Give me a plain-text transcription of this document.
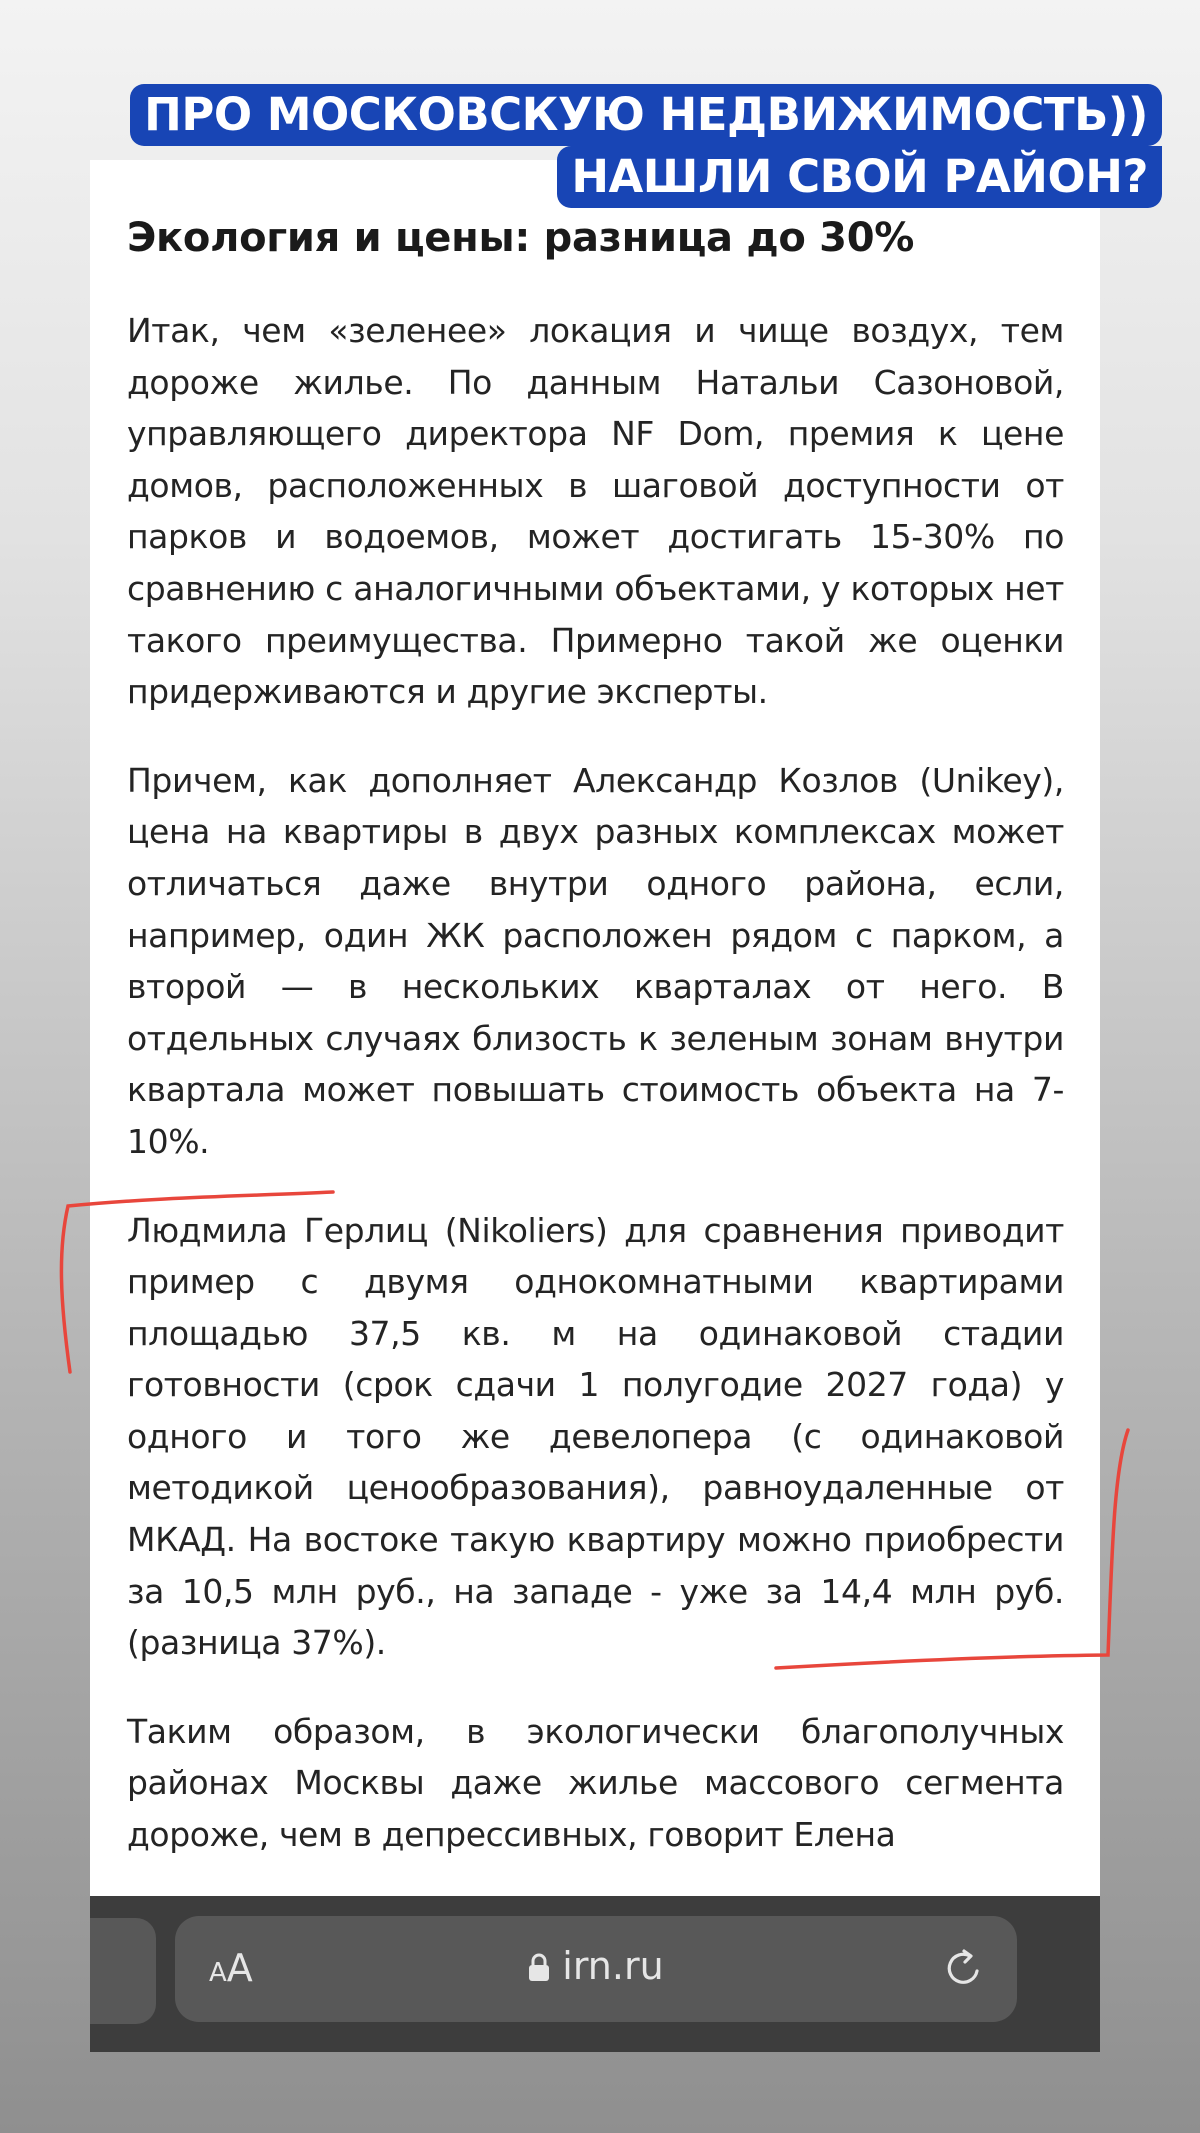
Экология и цены: разница до 30%

Итак, чем «зеленее» локация и чище воздух, тем дороже жилье. По данным Натальи Сазоновой, управляющего директора NF Dom, премия к цене домов, расположенных в шаговой доступности от парков и водоемов, может достигать 15-30% по сравнению с аналогичными объектами, у которых нет такого преимущества. Примерно такой же оценки придерживаются и другие эксперты.

Причем, как дополняет Александр Козлов (Unikey), цена на квартиры в двух разных комплексах может отличаться даже внутри одного района, если, например, один ЖК расположен рядом с парком, а второй — в нескольких кварталах от него. В отдельных случаях близость к зеленым зонам внутри квартала может повышать стоимость объекта на 7-10%.

Людмила Герлиц (Nikoliers) для сравнения приводит пример с двумя однокомнатными квартирами площадью 37,5 кв. м на одинаковой стадии готовности (срок сдачи 1 полугодие 2027 года) у одного и того же девелопера (с одинаковой методикой ценообразования), равноудаленные от МКАД. На востоке такую квартиру можно приобрести за 10,5 млн руб., на западе - уже за 14,4 млн руб. (разница 37%).

Таким образом, в экологически благополучных районах Москвы даже жилье массового сегмента дороже, чем в депрессивных, говорит Елена

ПРО МОСКОВСКУЮ НЕДВИЖИМОСТЬ))
НАШЛИ СВОЙ РАЙОН?
AA	irn.ru
